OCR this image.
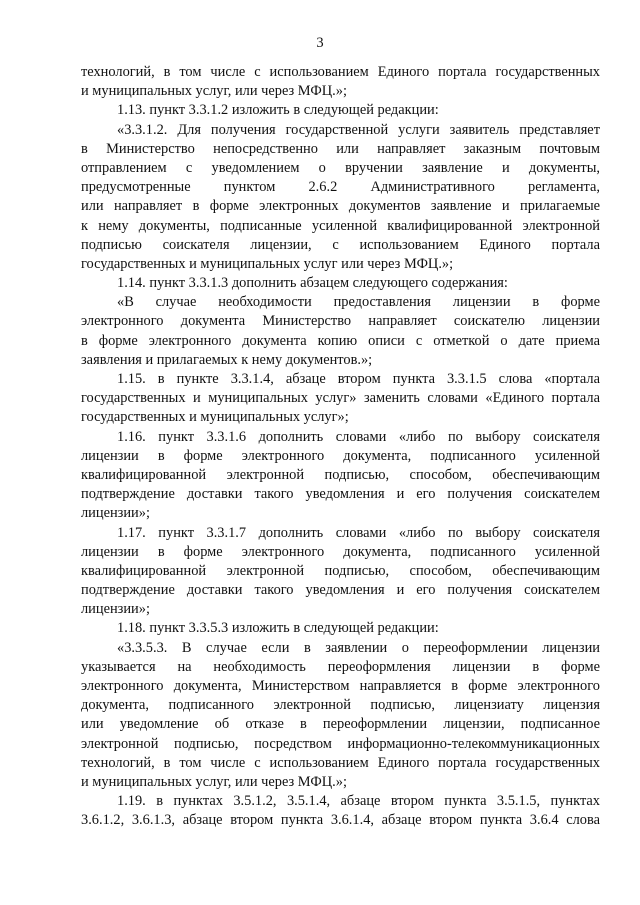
3
технологий, в том числе с использованием Единого портала государственных
и муниципальных услуг, или через МФЦ.»;
1.13. пункт 3.3.1.2 изложить в следующей редакции:
«3.3.1.2. Для получения государственной услуги заявитель представляет
в Министерство непосредственно или направляет заказным почтовым
отправлением с уведомлением о вручении заявление и документы,
предусмотренные пунктом 2.6.2 Административного регламента,
или направляет в форме электронных документов заявление и прилагаемые
к нему документы, подписанные усиленной квалифицированной электронной
подписью соискателя лицензии, с использованием Единого портала
государственных и муниципальных услуг или через МФЦ.»;
1.14. пункт 3.3.1.3 дополнить абзацем следующего содержания:
«В случае необходимости предоставления лицензии в форме
электронного документа Министерство направляет соискателю лицензии
в форме электронного документа копию описи с отметкой о дате приема
заявления и прилагаемых к нему документов.»;
1.15. в пункте 3.3.1.4, абзаце втором пункта 3.3.1.5 слова «портала
государственных и муниципальных услуг» заменить словами «Единого портала
государственных и муниципальных услуг»;
1.16. пункт 3.3.1.6 дополнить словами «либо по выбору соискателя
лицензии в форме электронного документа, подписанного усиленной
квалифицированной электронной подписью, способом, обеспечивающим
подтверждение доставки такого уведомления и его получения соискателем
лицензии»;
1.17. пункт 3.3.1.7 дополнить словами «либо по выбору соискателя
лицензии в форме электронного документа, подписанного усиленной
квалифицированной электронной подписью, способом, обеспечивающим
подтверждение доставки такого уведомления и его получения соискателем
лицензии»;
1.18. пункт 3.3.5.3 изложить в следующей редакции:
«3.3.5.3. В случае если в заявлении о переоформлении лицензии
указывается на необходимость переоформления лицензии в форме
электронного документа, Министерством направляется в форме электронного
документа, подписанного электронной подписью, лицензиату лицензия
или уведомление об отказе в переоформлении лицензии, подписанное
электронной подписью, посредством информационно-телекоммуникационных
технологий, в том числе с использованием Единого портала государственных
и муниципальных услуг, или через МФЦ.»;
1.19. в пунктах 3.5.1.2, 3.5.1.4, абзаце втором пункта 3.5.1.5, пунктах
3.6.1.2, 3.6.1.3, абзаце втором пункта 3.6.1.4, абзаце втором пункта 3.6.4 слова
